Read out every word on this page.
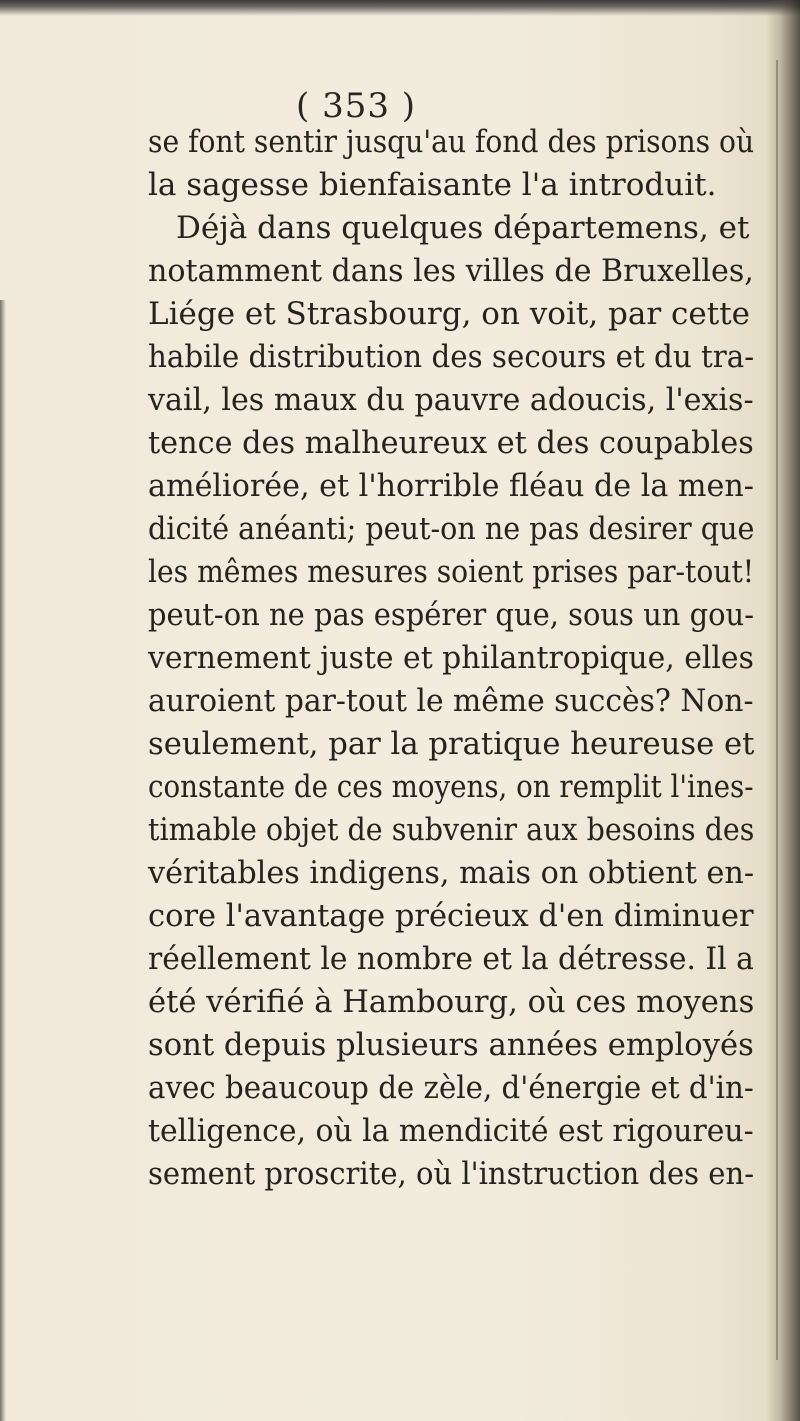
( 353 )
se font sentir jusqu'au fond des prisons où
la sagesse bienfaisante l'a introduit.
Déjà dans quelques départemens, et
notamment dans les villes de Bruxelles,
Liége et Strasbourg, on voit, par cette
habile distribution des secours et du tra-
vail, les maux du pauvre adoucis, l'exis-
tence des malheureux et des coupables
améliorée, et l'horrible fléau de la men-
dicité anéanti; peut-on ne pas desirer que
les mêmes mesures soient prises par-tout!
peut-on ne pas espérer que, sous un gou-
vernement juste et philantropique, elles
auroient par-tout le même succès? Non-
seulement, par la pratique heureuse et
constante de ces moyens, on remplit l'ines-
timable objet de subvenir aux besoins des
véritables indigens, mais on obtient en-
core l'avantage précieux d'en diminuer
réellement le nombre et la détresse. Il a
été vérifié à Hambourg, où ces moyens
sont depuis plusieurs années employés
avec beaucoup de zèle, d'énergie et d'in-
telligence, où la mendicité est rigoureu-
sement proscrite, où l'instruction des en-
